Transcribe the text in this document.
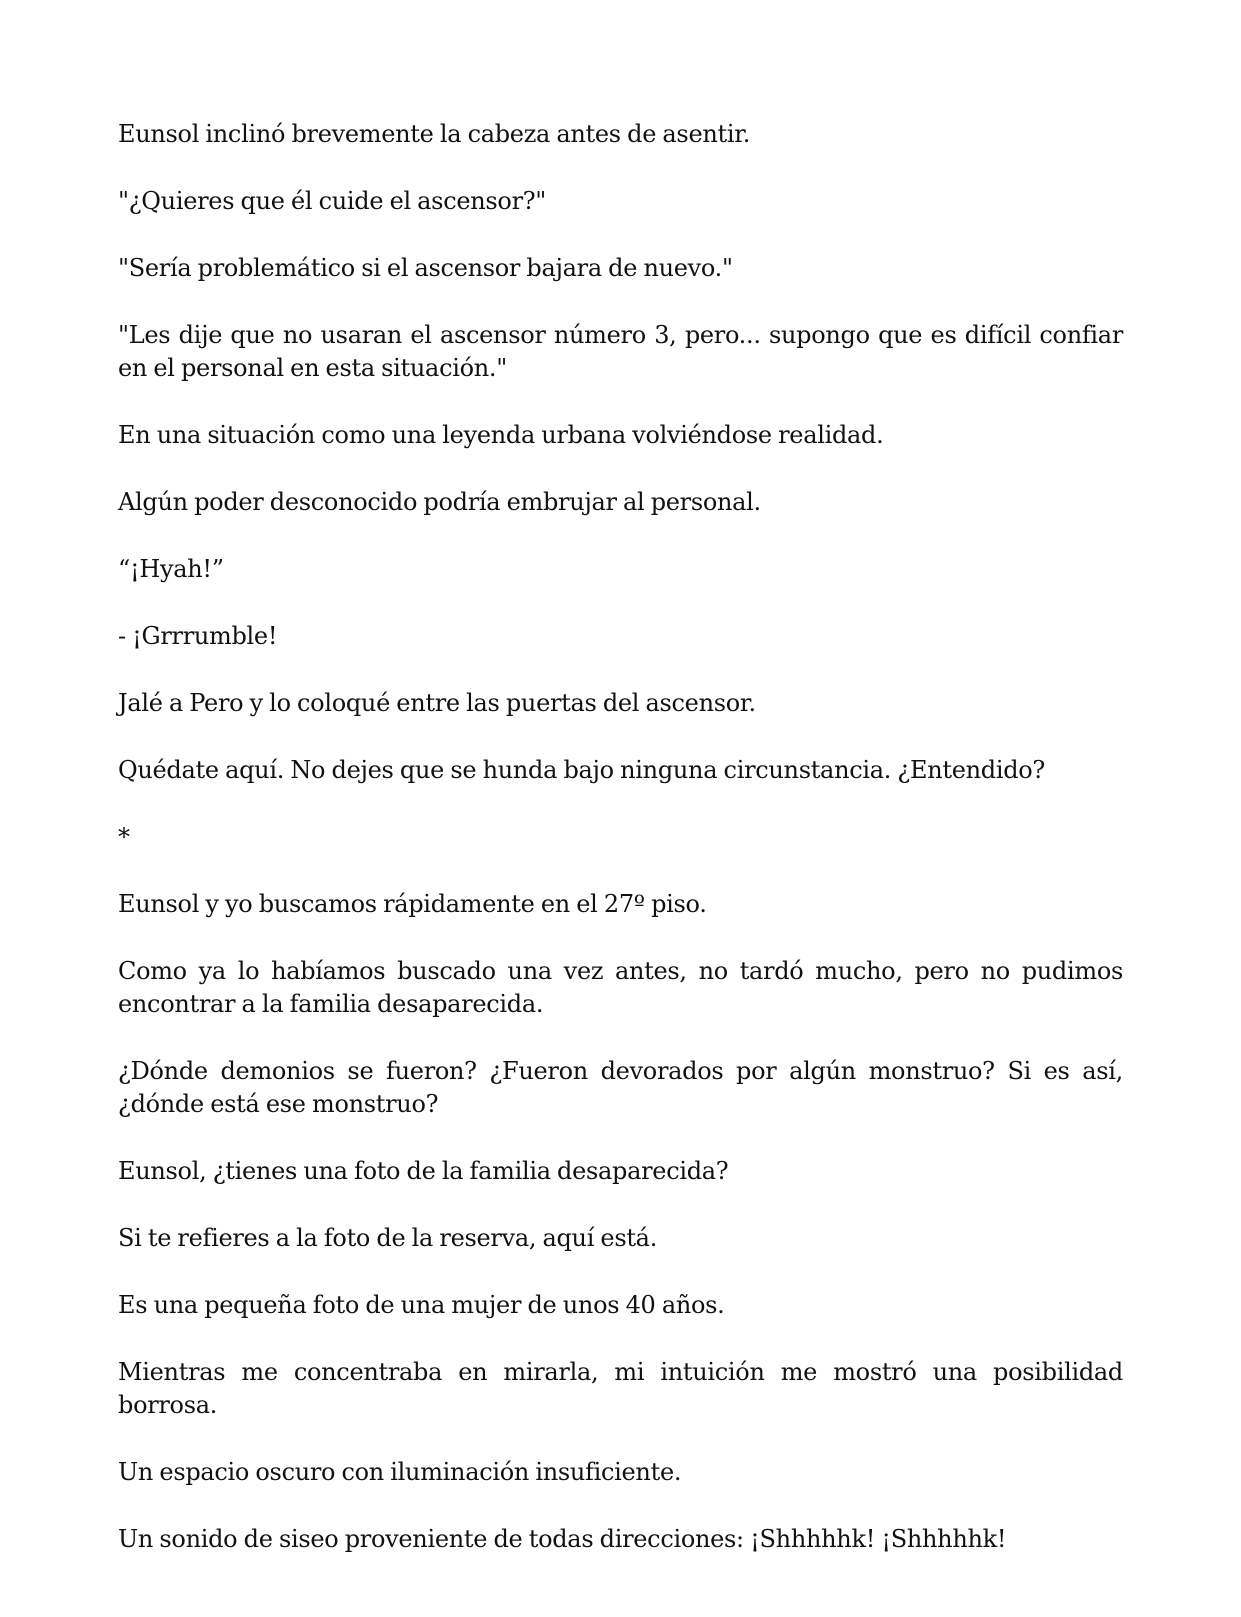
Eunsol inclinó brevemente la cabeza antes de asentir.

"¿Quieres que él cuide el ascensor?"

"Sería problemático si el ascensor bajara de nuevo."

"Les dije que no usaran el ascensor número 3, pero... supongo que es difícil confiar en el personal en esta situación."

En una situación como una leyenda urbana volviéndose realidad.

Algún poder desconocido podría embrujar al personal.

“¡Hyah!”

- ¡Grrrumble!

Jalé a Pero y lo coloqué entre las puertas del ascensor.

Quédate aquí. No dejes que se hunda bajo ninguna circunstancia. ¿Entendido?

*

Eunsol y yo buscamos rápidamente en el 27º piso.

Como ya lo habíamos buscado una vez antes, no tardó mucho, pero no pudimos encontrar a la familia desaparecida.

¿Dónde demonios se fueron? ¿Fueron devorados por algún monstruo? Si es así, ¿dónde está ese monstruo?

Eunsol, ¿tienes una foto de la familia desaparecida?

Si te refieres a la foto de la reserva, aquí está.

Es una pequeña foto de una mujer de unos 40 años.

Mientras me concentraba en mirarla, mi intuición me mostró una posibilidad borrosa.

Un espacio oscuro con iluminación insuficiente.

Un sonido de siseo proveniente de todas direcciones: ¡Shhhhhk! ¡Shhhhhk!
